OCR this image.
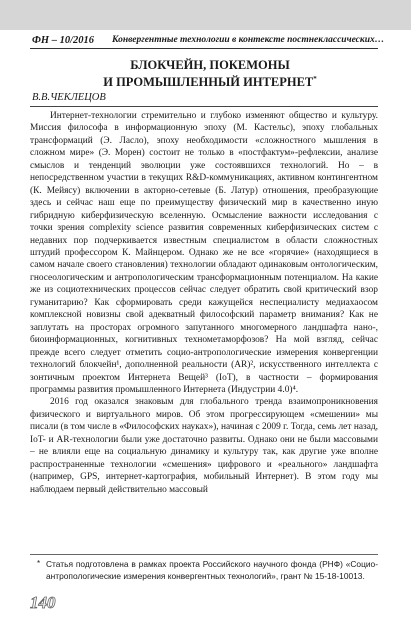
ФН – 10/2016 Конвергентные технологии в контексте постнеклассических…
БЛОКЧЕЙН, ПОКЕМОНЫ
И ПРОМЫШЛЕННЫЙ ИНТЕРНЕТ*
В.В.ЧЕКЛЕЦОВ

Интернет-технологии стремительно и глубоко изменяют общество и культуру. Миссия философа в информационную эпоху (М. Кастельс), эпоху глобальных трансформаций (Э. Ласло), эпоху необходимости «сложностного мышления в сложном мире» (Э. Морен) состоит не только в «постфактум»-рефлексии, анализе смыслов и тенденций эволюции уже состоявшихся технологий. Но – в непосредственном участии в текущих R&D-коммуникациях, активном контингентном (К. Мейясу) включении в акторно-сетевые (Б. Латур) отношения, преобразующие здесь и сейчас наш еще по преимуществу физический мир в качественно иную гибридную киберфизическую вселенную. Осмысление важности исследования с точки зрения complexity science развития современных киберфизических систем с недавних пор подчеркивается известным специалистом в области сложностных штудий профессором К. Майнцером. Однако же не все «горячие» (находящиеся в самом начале своего становления) технологии обладают одинаковым онтологическим, гносеологическим и антропологическим трансформационным потенциалом. На какие же из социотехнических процессов сейчас следует обратить свой критический взор гуманитарию? Как сформировать среди кажущейся неспециалисту медиахаосом комплексной новизны свой адекватный философский параметр внимания? Как не заплутать на просторах огромного запутанного многомерного ландшафта нано-, биоинформационных, когнитивных технометаморфозов? На мой взгляд, сейчас прежде всего следует отметить социо-антропологические измерения конвергенции технологий блокчейн¹, дополненной реальности (AR)², искусственного интеллекта с зонтичным проектом Интернета Вещей³ (IoT), в частности – формирования программы развития промышленного Интернета (Индустрии 4.0)⁴.

2016 год оказался знаковым для глобального тренда взаимопроникновения физического и виртуального миров. Об этом прогрессирующем «смешении» мы писали (в том числе в «Философских науках»), начиная с 2009 г. Тогда, семь лет назад, IoT- и AR-технологии были уже достаточно развиты. Однако они не были массовыми – не влияли еще на социальную динамику и культуру так, как другие уже вполне распространенные технологии «смешения» цифрового и «реального» ландшафта (например, GPS, интернет-картография, мобильный Интернет). В этом году мы наблюдаем первый действительно массовый

* Статья подготовлена в рамках проекта Российского научного фонда (РНФ) «Социо-антропологические измерения конвергентных технологий», грант № 15-18-10013.
140
